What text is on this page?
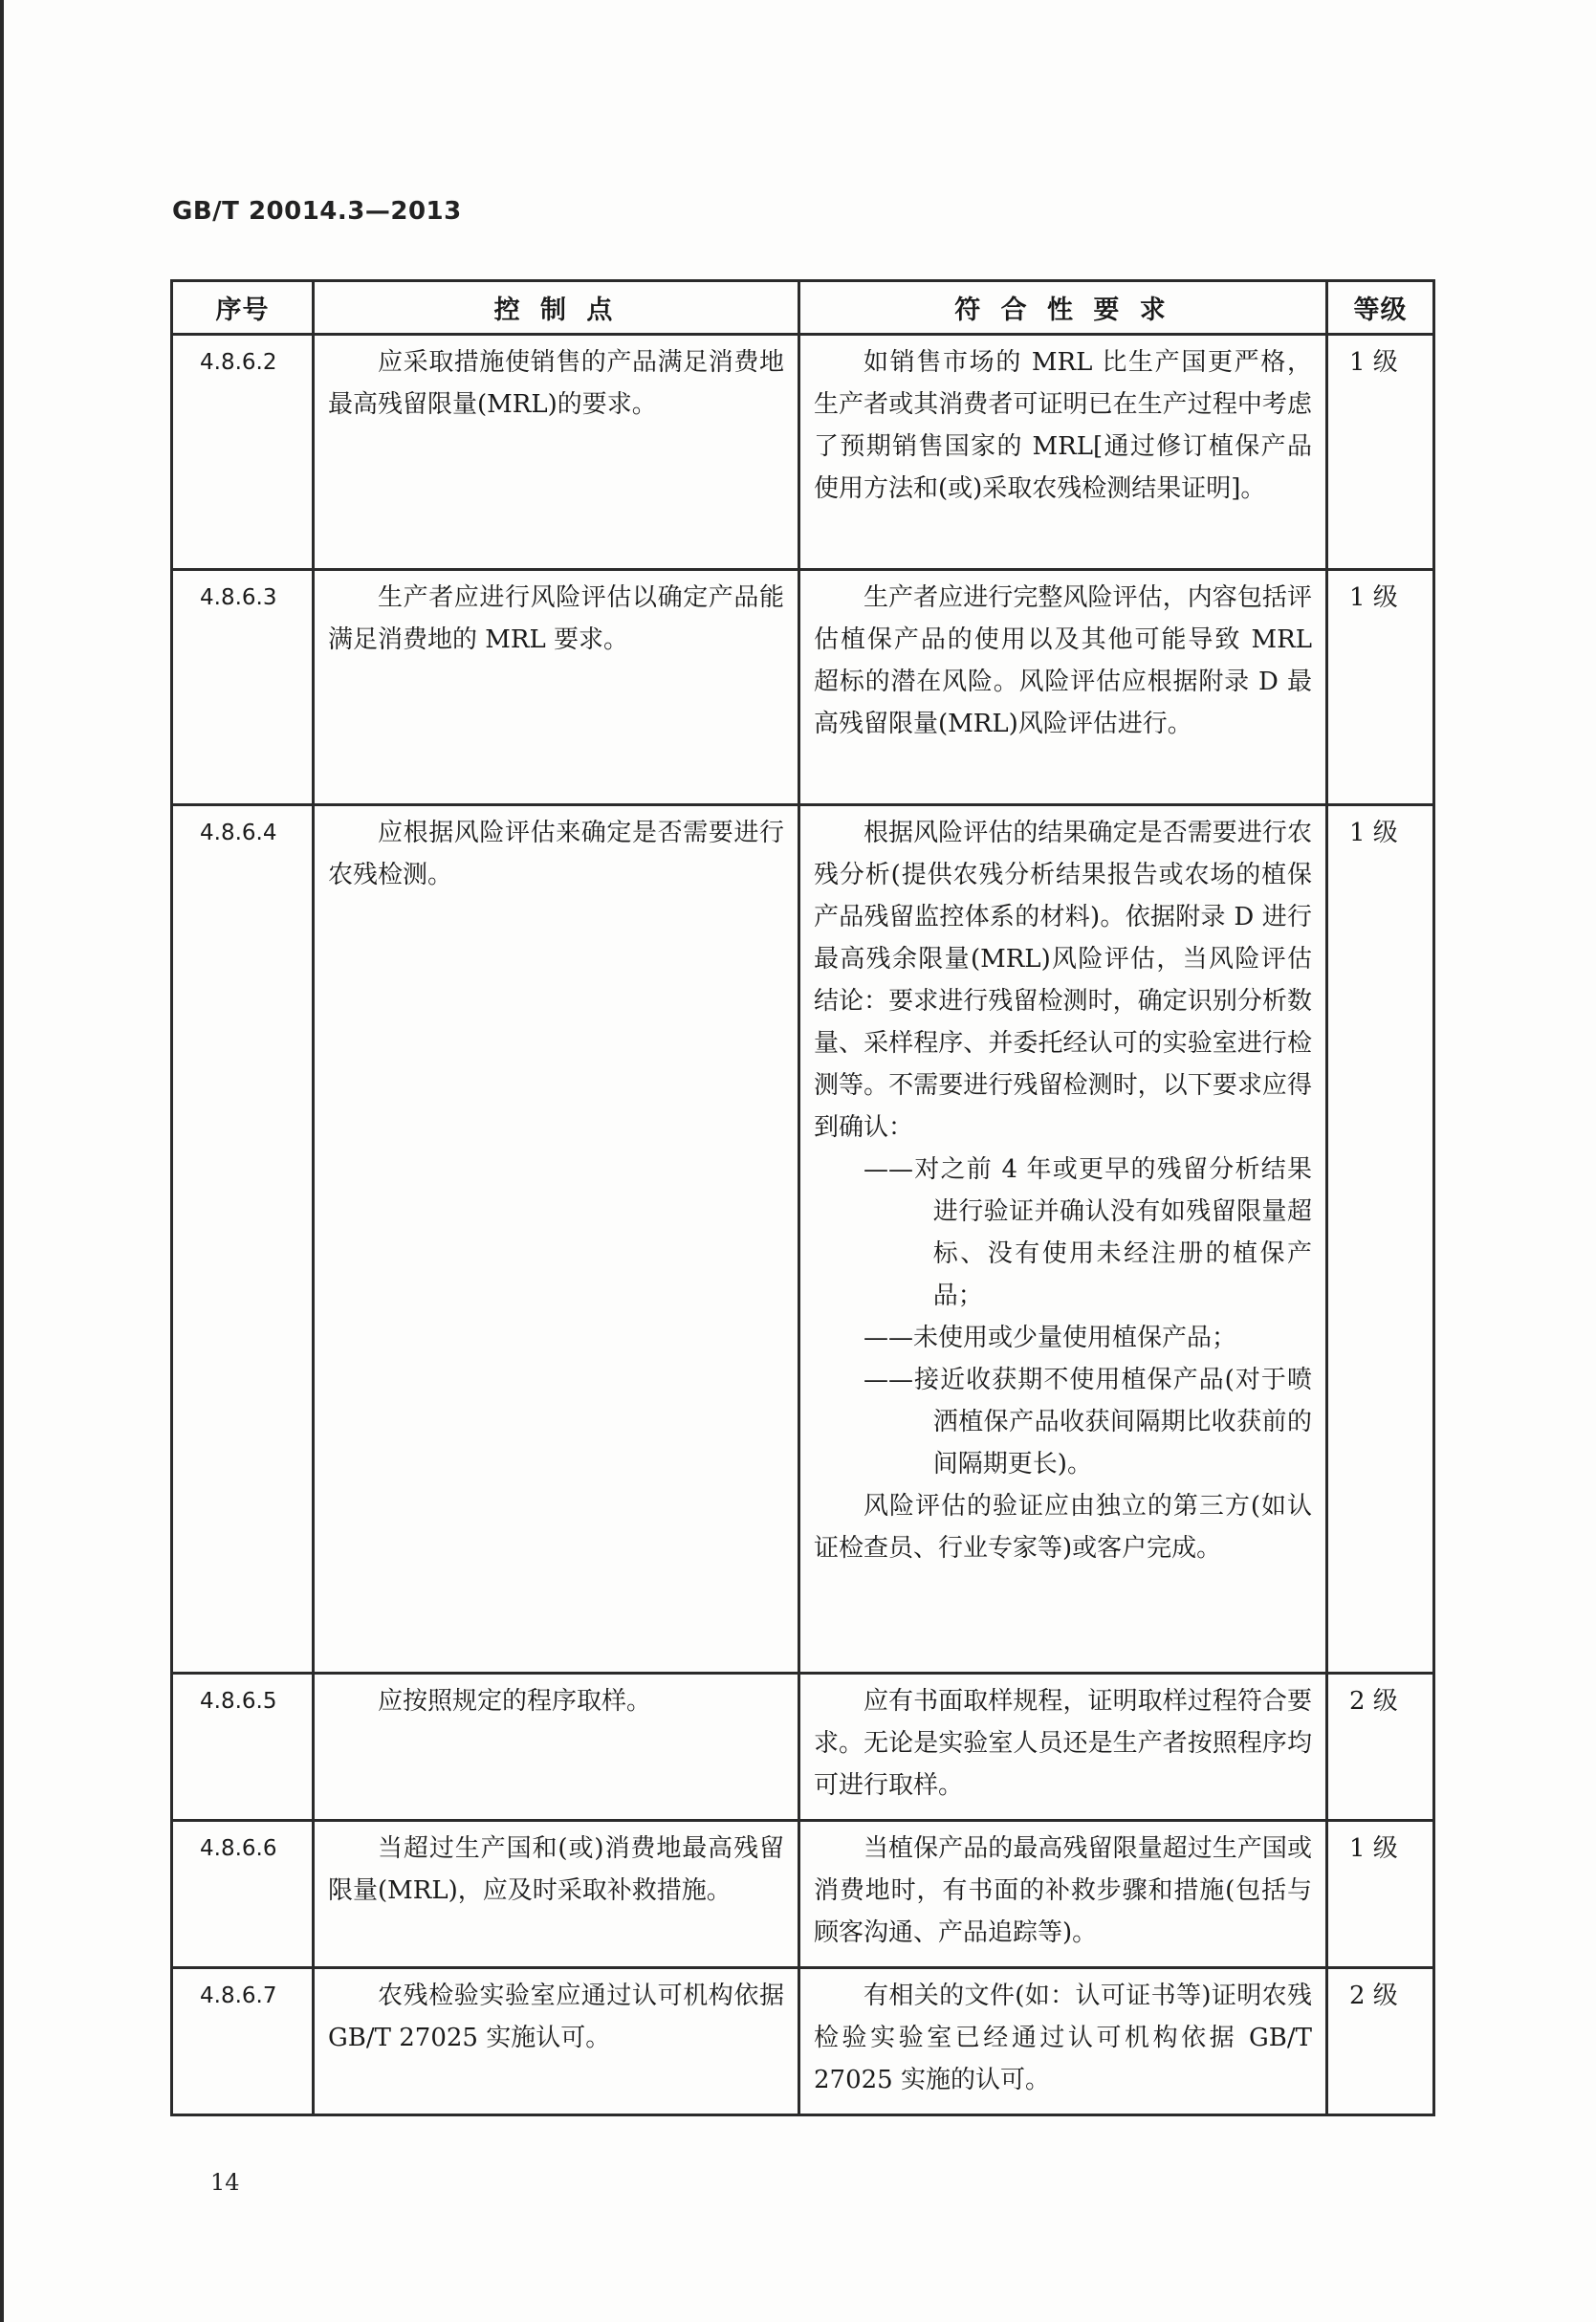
GB/T 20014.3—2013
序号	控 制 点	符 合 性 要 求	等级
4.8.6.2	应采取措施使销售的产品满足消费地最高残留限量(MRL)的要求。	如销售市场的 MRL 比生产国更严格，生产者或其消费者可证明已在生产过程中考虑了预期销售国家的 MRL[通过修订植保产品使用方法和(或)采取农残检测结果证明]。	1 级
4.8.6.3	生产者应进行风险评估以确定产品能满足消费地的 MRL 要求。	生产者应进行完整风险评估，内容包括评估植保产品的使用以及其他可能导致 MRL 超标的潜在风险。风险评估应根据附录 D 最高残留限量(MRL)风险评估进行。	1 级
4.8.6.4	应根据风险评估来确定是否需要进行农残检测。	根据风险评估的结果确定是否需要进行农残分析(提供农残分析结果报告或农场的植保产品残留监控体系的材料)。依据附录 D 进行最高残余限量(MRL)风险评估，当风险评估结论：要求进行残留检测时，确定识别分析数量、采样程序、并委托经认可的实验室进行检测等。不需要进行残留检测时，以下要求应得到确认：

——对之前 4 年或更早的残留分析结果进行验证并确认没有如残留限量超标、没有使用未经注册的植保产品；

——未使用或少量使用植保产品；

——接近收获期不使用植保产品(对于喷洒植保产品收获间隔期比收获前的间隔期更长)。

风险评估的验证应由独立的第三方(如认证检查员、行业专家等)或客户完成。	1 级
4.8.6.5	应按照规定的程序取样。	应有书面取样规程，证明取样过程符合要求。无论是实验室人员还是生产者按照程序均可进行取样。	2 级
4.8.6.6	当超过生产国和(或)消费地最高残留限量(MRL)，应及时采取补救措施。	当植保产品的最高残留限量超过生产国或消费地时，有书面的补救步骤和措施(包括与顾客沟通、产品追踪等)。	1 级
4.8.6.7	农残检验实验室应通过认可机构依据 GB/T 27025 实施认可。	有相关的文件(如：认可证书等)证明农残检验实验室已经通过认可机构依据 GB/T 27025 实施的认可。	2 级
14
